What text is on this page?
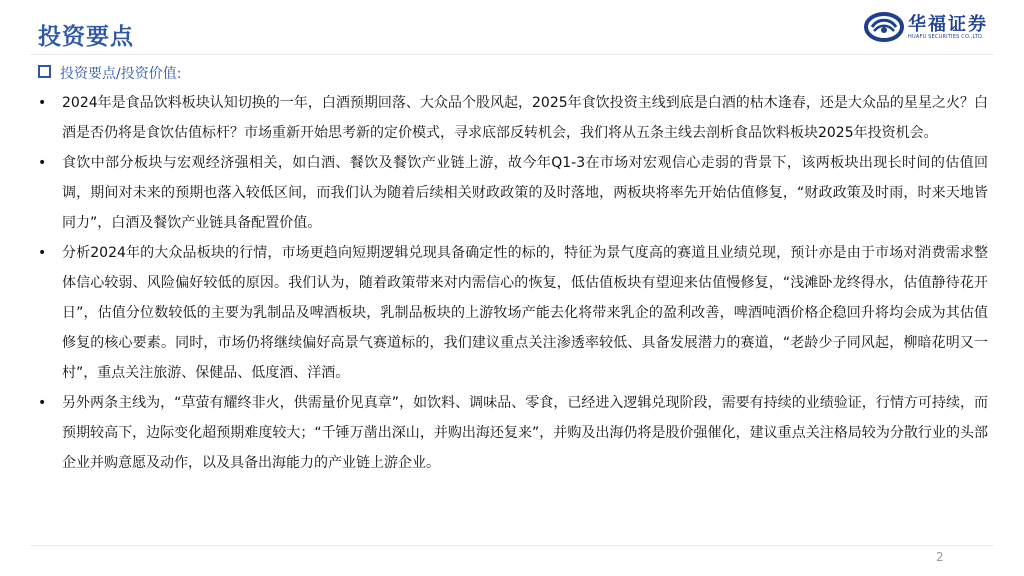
投资要点	华福证券
HUAFU SECURITIES CO.,LTD.
投资要点/投资价值:
• 2024年是食品饮料板块认知切换的一年，白酒预期回落、大众品个股风起，2025年食饮投资主线到底是白酒的枯木逢春，还是大众品的星星之火？白酒是否仍将是食饮估值标杆？市场重新开始思考新的定价模式，寻求底部反转机会，我们将从五条主线去剖析食品饮料板块2025年投资机会。
• 食饮中部分板块与宏观经济强相关，如白酒、餐饮及餐饮产业链上游，故今年Q1-3在市场对宏观信心走弱的背景下，该两板块出现长时间的估值回调，期间对未来的预期也落入较低区间，而我们认为随着后续相关财政政策的及时落地，两板块将率先开始估值修复，“财政政策及时雨，时来天地皆同力”，白酒及餐饮产业链具备配置价值。
• 分析2024年的大众品板块的行情，市场更趋向短期逻辑兑现具备确定性的标的，特征为景气度高的赛道且业绩兑现，预计亦是由于市场对消费需求整体信心较弱、风险偏好较低的原因。我们认为，随着政策带来对内需信心的恢复，低估值板块有望迎来估值慢修复，“浅滩卧龙终得水，估值静待花开日”，估值分位数较低的主要为乳制品及啤酒板块，乳制品板块的上游牧场产能去化将带来乳企的盈利改善，啤酒吨酒价格企稳回升将均会成为其估值修复的核心要素。同时，市场仍将继续偏好高景气赛道标的，我们建议重点关注渗透率较低、具备发展潜力的赛道，“老龄少子同风起，柳暗花明又一村”，重点关注旅游、保健品、低度酒、洋酒。
• 另外两条主线为，“草萤有耀终非火，供需量价见真章”，如饮料、调味品、零食，已经进入逻辑兑现阶段，需要有持续的业绩验证，行情方可持续，而预期较高下，边际变化超预期难度较大；“千锤万凿出深山，并购出海还复来”，并购及出海仍将是股价强催化，建议重点关注格局较为分散行业的头部企业并购意愿及动作，以及具备出海能力的产业链上游企业。
2
